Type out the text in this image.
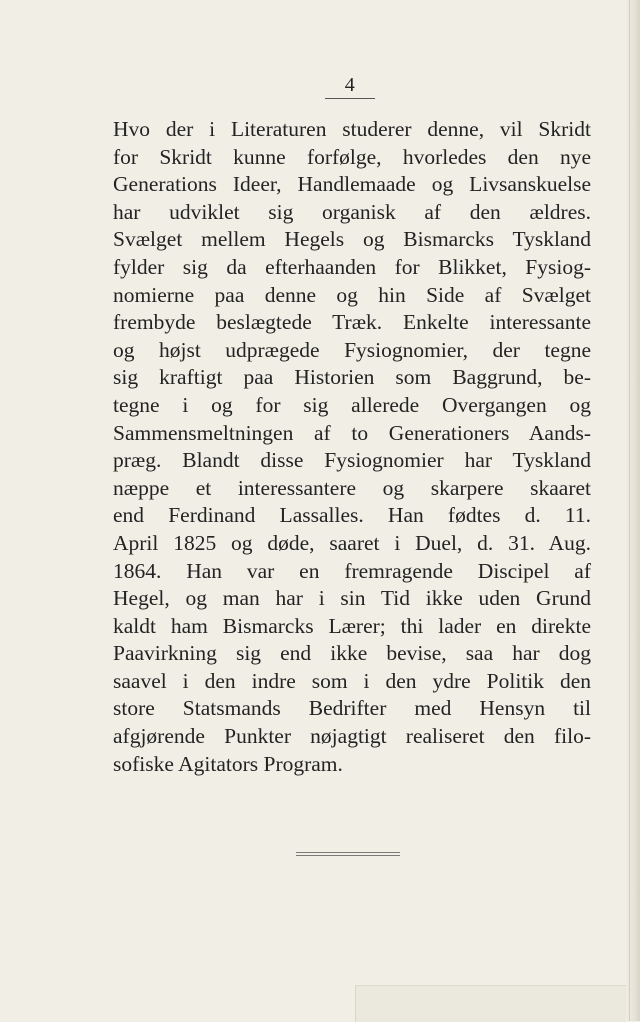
4
Hvo der i Literaturen studerer denne, vil Skridt
for Skridt kunne forfølge, hvorledes den nye
Generations Ideer, Handlemaade og Livsanskuelse
har udviklet sig organisk af den ældres.
Svælget mellem Hegels og Bismarcks Tyskland
fylder sig da efterhaanden for Blikket, Fysiog-
nomierne paa denne og hin Side af Svælget
frembyde beslægtede Træk. Enkelte interessante
og højst udprægede Fysiognomier, der tegne
sig kraftigt paa Historien som Baggrund, be-
tegne i og for sig allerede Overgangen og
Sammensmeltningen af to Generationers Aands-
præg. Blandt disse Fysiognomier har Tyskland
næppe et interessantere og skarpere skaaret
end Ferdinand Lassalles. Han fødtes d. 11.
April 1825 og døde, saaret i Duel, d. 31. Aug.
1864. Han var en fremragende Discipel af
Hegel, og man har i sin Tid ikke uden Grund
kaldt ham Bismarcks Lærer; thi lader en direkte
Paavirkning sig end ikke bevise, saa har dog
saavel i den indre som i den ydre Politik den
store Statsmands Bedrifter med Hensyn til
afgjørende Punkter nøjagtigt realiseret den filo-
sofiske Agitators Program.
